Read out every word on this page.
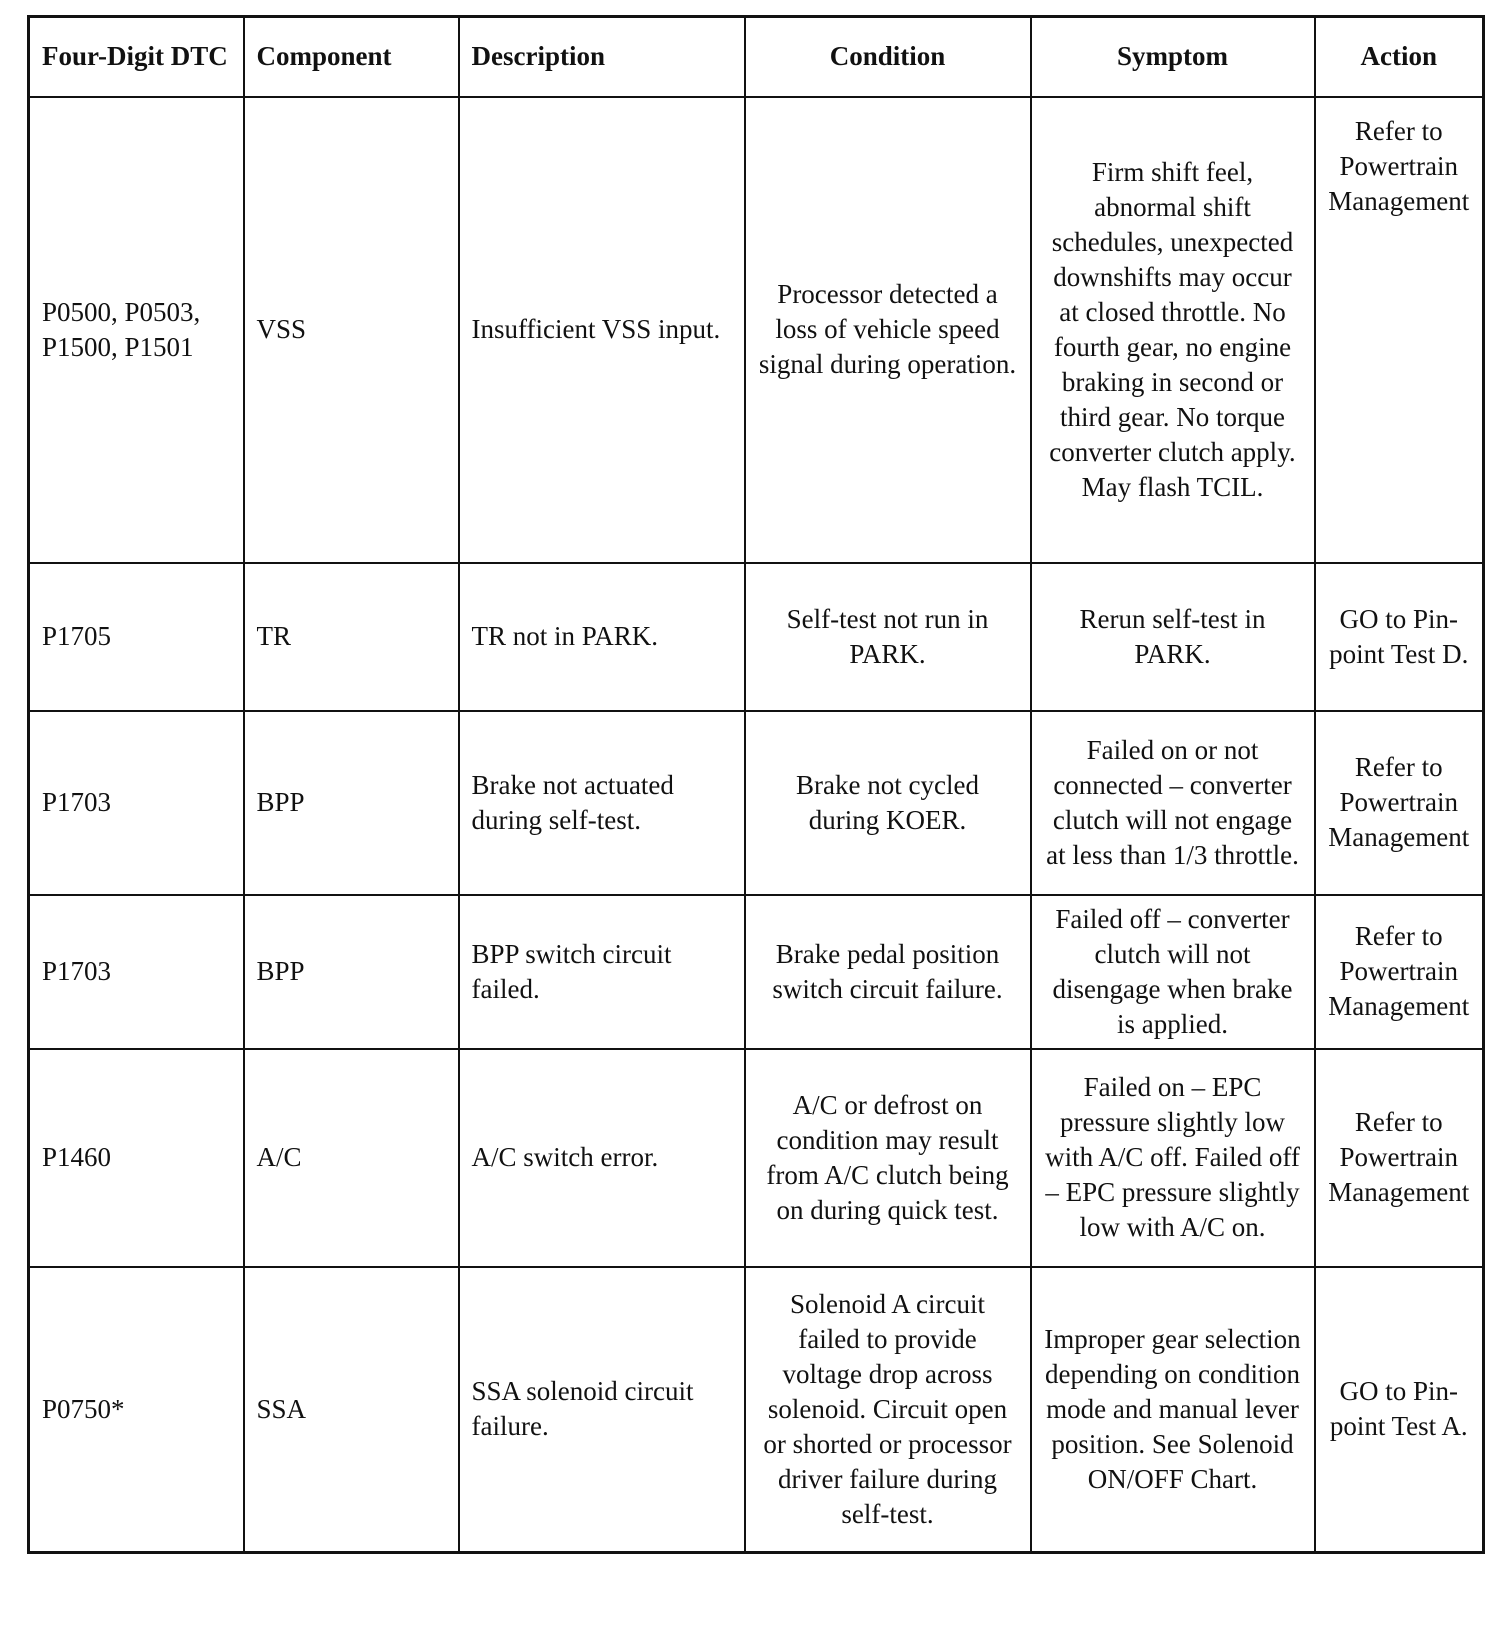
Four-Digit DTC	Component	Description	Condition	Symptom	Action
P0500, P0503, P1500, P1501	VSS	Insufficient VSS input.	Processor detected a loss of vehicle speed signal during operation.	Firm shift feel, abnormal shift schedules, unexpected downshifts may occur at closed throttle. No fourth gear, no engine braking in second or third gear. No torque converter clutch apply. May flash TCIL.	Refer to Powertrain Management
P1705	TR	TR not in PARK.	Self-test not run in PARK.	Rerun self-test in PARK.	GO to Pin-point Test D.
P1703	BPP	Brake not actuated during self-test.	Brake not cycled during KOER.	Failed on or not connected – converter clutch will not engage at less than 1/3 throttle.	Refer to Powertrain Management
P1703	BPP	BPP switch circuit failed.	Brake pedal position switch circuit failure.	Failed off – converter clutch will not disengage when brake is applied.	Refer to Powertrain Management
P1460	A/C	A/C switch error.	A/C or defrost on condition may result from A/C clutch being on during quick test.	Failed on – EPC pressure slightly low with A/C off. Failed off – EPC pressure slightly low with A/C on.	Refer to Powertrain Management
P0750*	SSA	SSA solenoid circuit failure.	Solenoid A circuit failed to provide voltage drop across solenoid. Circuit open or shorted or processor driver failure during self-test.	Improper gear selection depending on condition mode and manual lever position. See Solenoid ON/OFF Chart.	GO to Pin-point Test A.
